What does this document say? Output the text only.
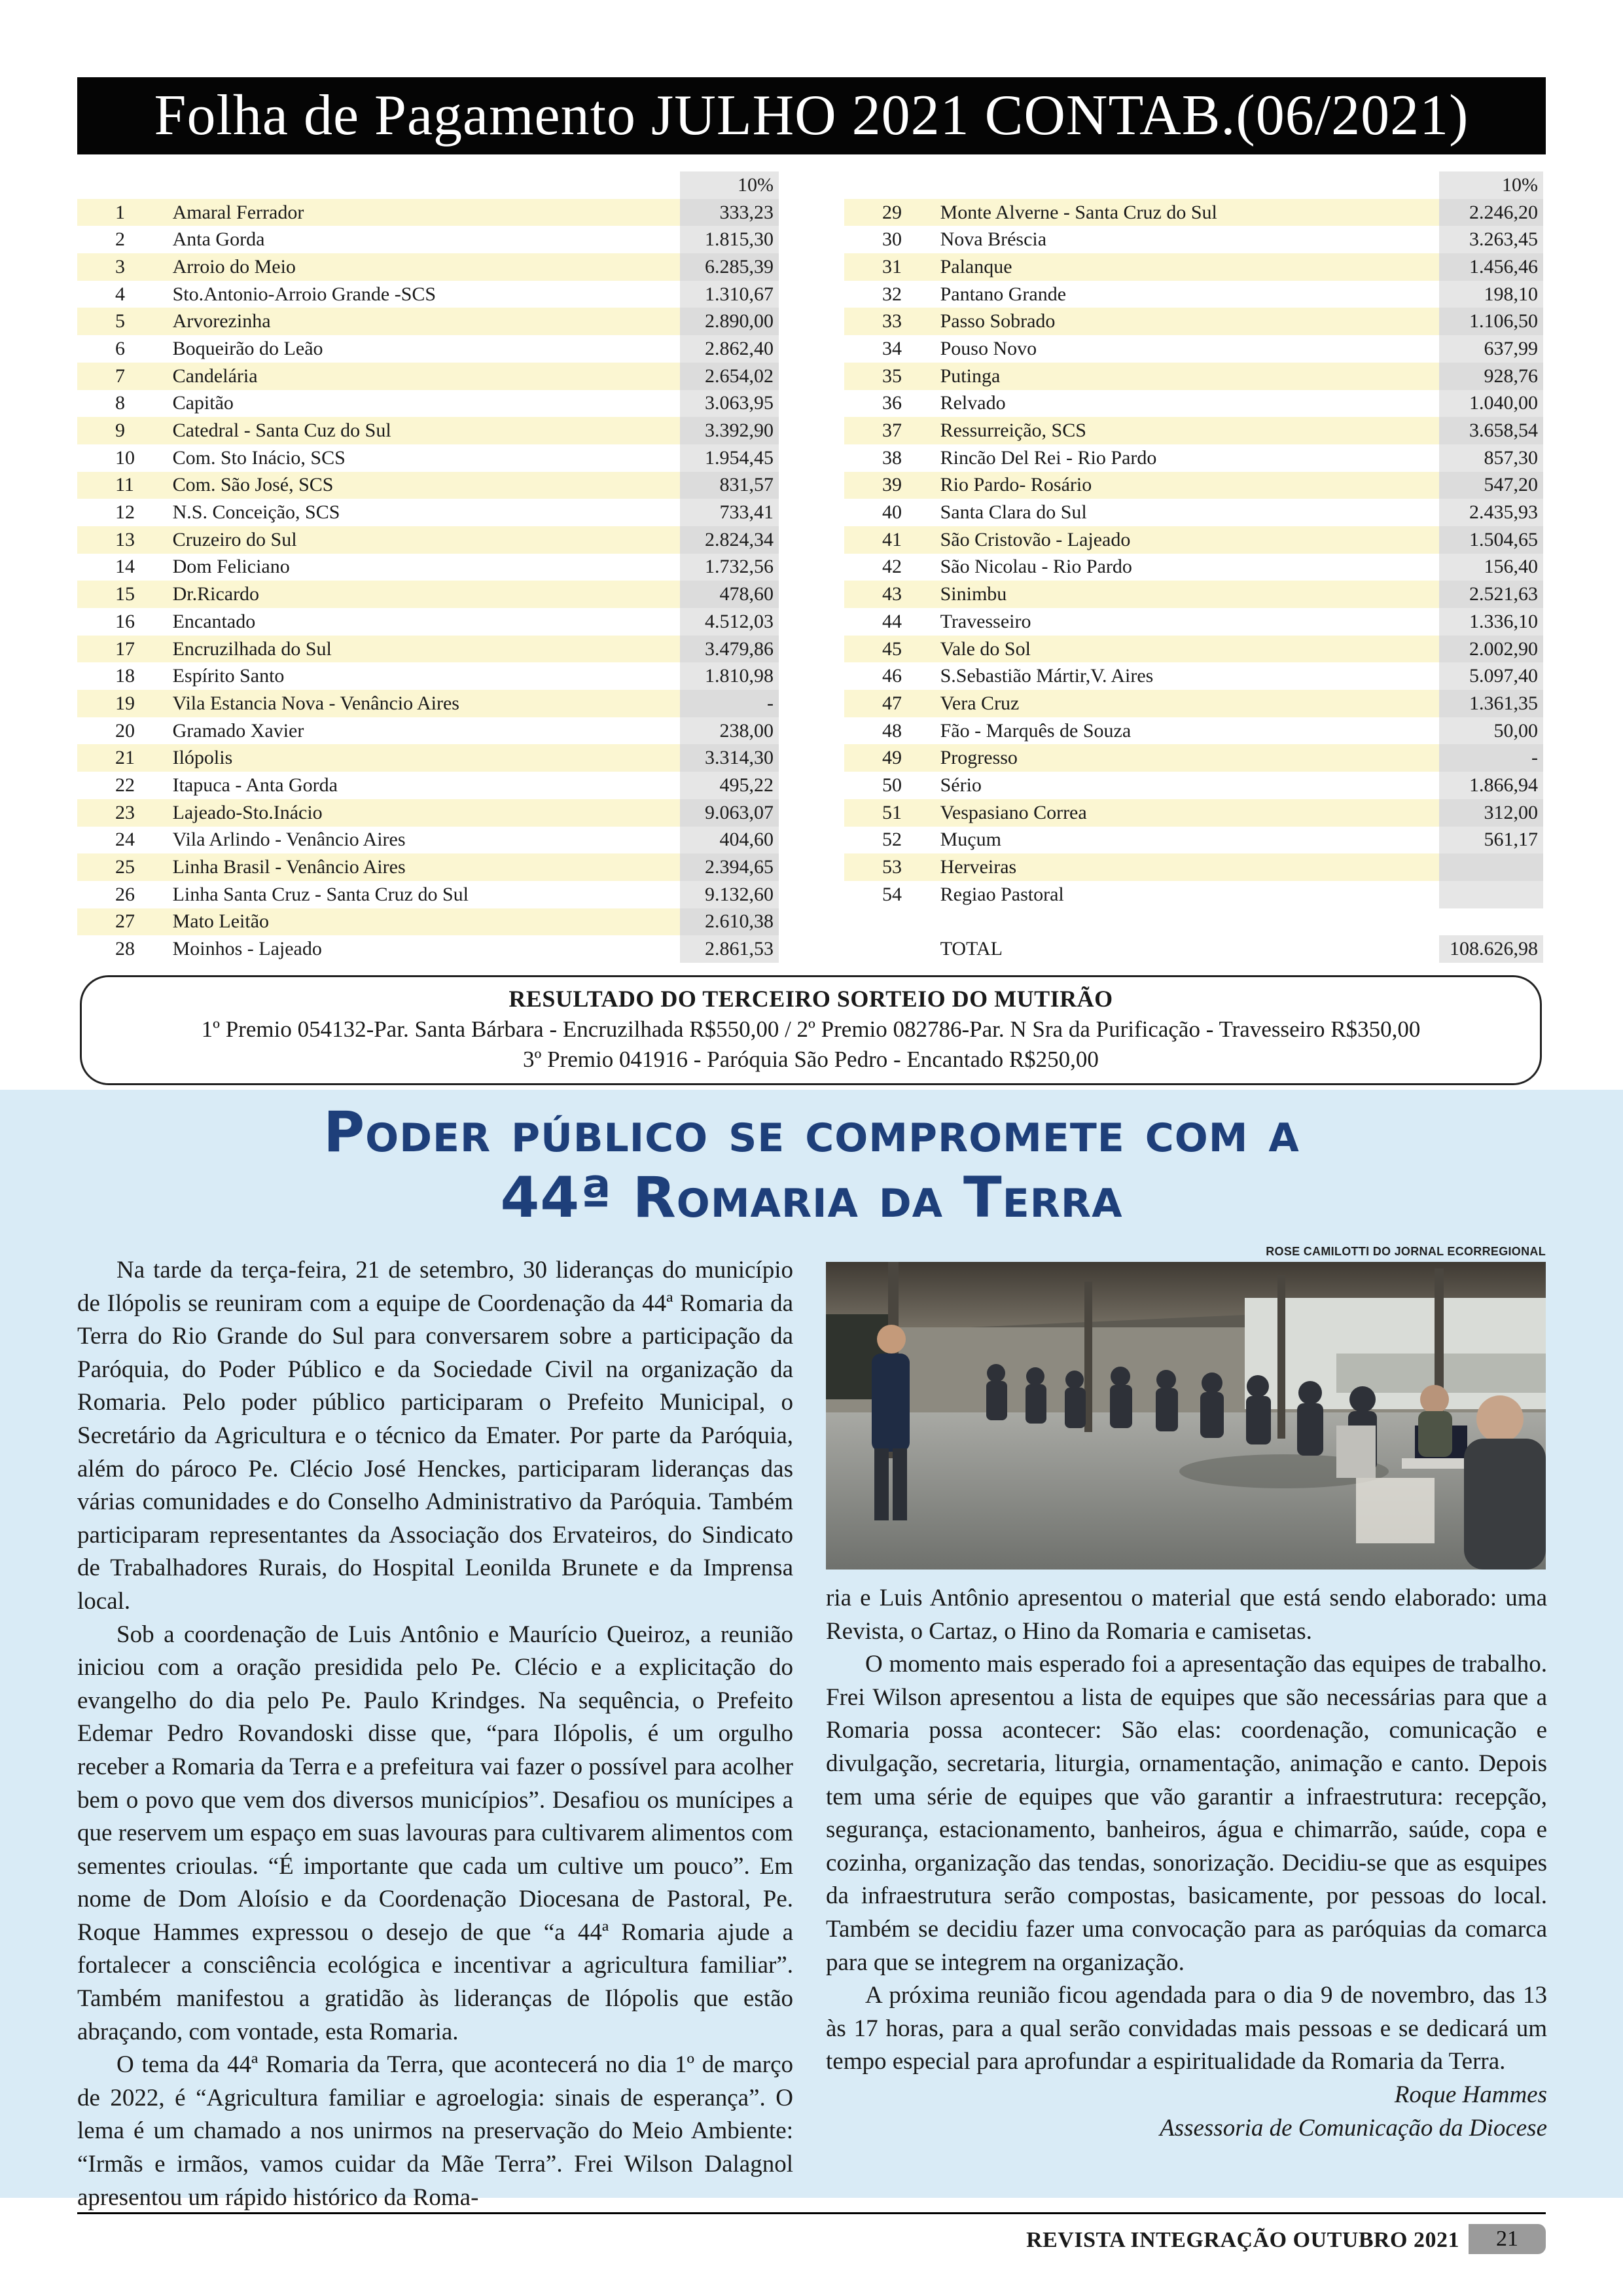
Folha de Pagamento JULHO 2021 CONTAB.(06/2021)
		10%
1	Amaral Ferrador	333,23
2	Anta Gorda	1.815,30
3	Arroio do Meio	6.285,39
4	Sto.Antonio-Arroio Grande -SCS	1.310,67
5	Arvorezinha	2.890,00
6	Boqueirão do Leão	2.862,40
7	Candelária	2.654,02
8	Capitão	3.063,95
9	Catedral - Santa Cuz do Sul	3.392,90
10	Com. Sto Inácio, SCS	1.954,45
11	Com. São José, SCS	831,57
12	N.S. Conceição, SCS	733,41
13	Cruzeiro do Sul	2.824,34
14	Dom Feliciano	1.732,56
15	Dr.Ricardo	478,60
16	Encantado	4.512,03
17	Encruzilhada do Sul	3.479,86
18	Espírito Santo	1.810,98
19	Vila Estancia Nova - Venâncio Aires	-
20	Gramado Xavier	238,00
21	Ilópolis	3.314,30
22	Itapuca - Anta Gorda	495,22
23	Lajeado-Sto.Inácio	9.063,07
24	Vila Arlindo - Venâncio Aires	404,60
25	Linha Brasil - Venâncio Aires	2.394,65
26	Linha Santa Cruz - Santa Cruz do Sul	9.132,60
27	Mato Leitão	2.610,38
28	Moinhos - Lajeado	2.861,53
		10%
29	Monte Alverne - Santa Cruz do Sul	2.246,20
30	Nova Bréscia	3.263,45
31	Palanque	1.456,46
32	Pantano Grande	198,10
33	Passo Sobrado	1.106,50
34	Pouso Novo	637,99
35	Putinga	928,76
36	Relvado	1.040,00
37	Ressurreição, SCS	3.658,54
38	Rincão Del Rei - Rio Pardo	857,30
39	Rio Pardo- Rosário	547,20
40	Santa Clara do Sul	2.435,93
41	São Cristovão - Lajeado	1.504,65
42	São Nicolau - Rio Pardo	156,40
43	Sinimbu	2.521,63
44	Travesseiro	1.336,10
45	Vale do Sol	2.002,90
46	S.Sebastião Mártir,V. Aires	5.097,40
47	Vera Cruz	1.361,35
48	Fão - Marquês de Souza	50,00
49	Progresso	-
50	Sério	1.866,94
51	Vespasiano Correa	312,00
52	Muçum	561,17
53	Herveiras	
54	Regiao Pastoral	

	TOTAL	108.626,98
RESULTADO DO TERCEIRO SORTEIO DO MUTIRÃO
1º Premio 054132-Par. Santa Bárbara - Encruzilhada R$550,00 / 2º Premio 082786-Par. N Sra da Purificação - Travesseiro R$350,00
3º Premio 041916 - Paróquia São Pedro - Encantado R$250,00
Poder público se compromete com a
44ª Romaria da Terra

Na tarde da terça-feira, 21 de setembro, 30 lideranças do município de Ilópolis se reuniram com a equipe de Coordenação da 44ª Romaria da Terra do Rio Grande do Sul para conversarem sobre a participação da Paróquia, do Poder Público e da Sociedade Civil na organização da Romaria. Pelo poder público participaram o Prefeito Municipal, o Secretário da Agricultura e o técnico da Emater. Por parte da Paróquia, além do pároco Pe. Clécio José Henckes, participaram lideranças das várias comunidades e do Conselho Administrativo da Paróquia. Também participaram representantes da Associação dos Ervateiros, do Sindicato de Trabalhadores Rurais, do Hospital Leonilda Brunete e da Imprensa local.

Sob a coordenação de Luis Antônio e Maurício Queiroz, a reunião iniciou com a oração presidida pelo Pe. Clécio e a explicitação do evangelho do dia pelo Pe. Paulo Krindges. Na sequência, o Prefeito Edemar Pedro Rovandoski disse que, “para Ilópolis, é um orgulho receber a Romaria da Terra e a prefeitura vai fazer o possível para acolher bem o povo que vem dos diversos municípios”. Desafiou os munícipes a que reservem um espaço em suas lavouras para cultivarem alimentos com sementes crioulas. “É importante que cada um cultive um pouco”. Em nome de Dom Aloísio e da Coordenação Diocesana de Pastoral, Pe. Roque Hammes expressou o desejo de que “a 44ª Romaria ajude a fortalecer a consciência ecológica e incentivar a agricultura familiar”. Também manifestou a gratidão às lideranças de Ilópolis que estão abraçando, com vontade, esta Romaria.

O tema da 44ª Romaria da Terra, que acontecerá no dia 1º de março de 2022, é “Agricultura familiar e agroelogia: sinais de esperança”. O lema é um chamado a nos unirmos na preservação do Meio Ambiente: “Irmãs e irmãos, vamos cuidar da Mãe Terra”. Frei Wilson Dalagnol apresentou um rápido histórico da Roma-

ROSE CAMILOTTI DO JORNAL ECORREGIONAL

ria e Luis Antônio apresentou o material que está sendo elaborado: uma Revista, o Cartaz, o Hino da Romaria e camisetas.

O momento mais esperado foi a apresentação das equipes de trabalho. Frei Wilson apresentou a lista de equipes que são necessárias para que a Romaria possa acontecer: São elas: coordenação, comunicação e divulgação, secretaria, liturgia, ornamentação, animação e canto. Depois tem uma série de equipes que vão garantir a infraestrutura: recepção, segurança, estacionamento, banheiros, água e chimarrão, saúde, copa e cozinha, organização das tendas, sonorização. Decidiu-se que as esquipes da infraestrutura serão compostas, basicamente, por pessoas do local. Também se decidiu fazer uma convocação para as paróquias da comarca para que se integrem na organização.

A próxima reunião ficou agendada para o dia 9 de novembro, das 13 às 17 horas, para a qual serão convidadas mais pessoas e se dedicará um tempo especial para aprofundar a espiritualidade da Romaria da Terra.

Roque Hammes

Assessoria de Comunicação da Diocese

REVISTA INTEGRAÇÃO OUTUBRO 2021	21
